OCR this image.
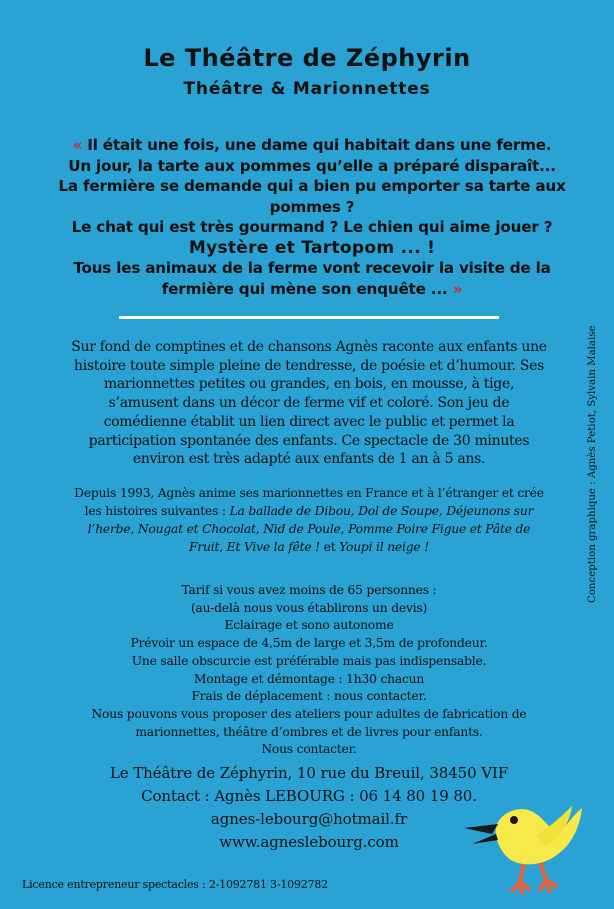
Le Théâtre de Zéphyrin
Théâtre & Marionnettes
« Il était une fois, une dame qui habitait dans une ferme.
Un jour, la tarte aux pommes qu’elle a préparé disparaît...
La fermière se demande qui a bien pu emporter sa tarte aux pommes ?
Le chat qui est très gourmand ? Le chien qui aime jouer ?
Mystère et Tartopom ... !
Tous les animaux de la ferme vont recevoir la visite de la fermière qui mène son enquête ... »
Sur fond de comptines et de chansons Agnès raconte aux enfants une histoire toute simple pleine de tendresse, de poésie et d’humour. Ses marionnettes petites ou grandes, en bois, en mousse, à tige, s’amusent dans un décor de ferme vif et coloré. Son jeu de comédienne établit un lien direct avec le public et permet la participation spontanée des enfants. Ce spectacle de 30 minutes environ est très adapté aux enfants de 1 an à 5 ans.
Depuis 1993, Agnès anime ses marionnettes en France et à l’étranger et crée les histoires suivantes : La ballade de Dibou, Dol de Soupe, Déjeunons sur l’herbe, Nougat et Chocolat, Nid de Poule, Pomme Poire Figue et Pâte de Fruit, Et Vive la fête ! et Youpi il neige !
Tarif si vous avez moins de 65 personnes :
(au-delà nous vous établirons un devis)
Eclairage et sono autonome
Prévoir un espace de 4,5m de large et 3,5m de profondeur.
Une salle obscurcie est préférable mais pas indispensable.
Montage et démontage : 1h30 chacun
Frais de déplacement : nous contacter.
Nous pouvons vous proposer des ateliers pour adultes de fabrication de marionnettes, théâtre d’ombres et de livres pour enfants.
Nous contacter.
Le Théâtre de Zéphyrin, 10 rue du Breuil, 38450 VIF
Contact : Agnès LEBOURG : 06 14 80 19 80.
agnes-lebourg@hotmail.fr
www.agneslebourg.com
Licence entrepreneur spectacles : 2-1092781 3-1092782
Conception graphique : Agnès Petiot, Sylvain Malaise
